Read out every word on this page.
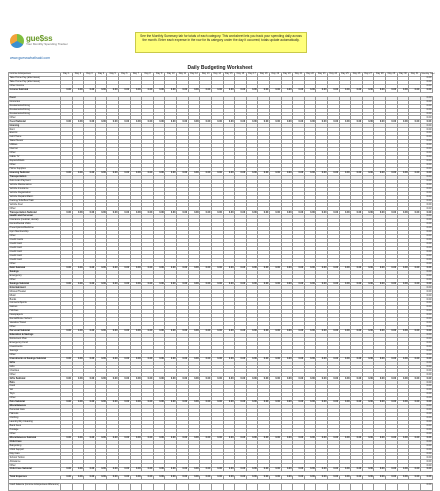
gue$ss
Your Monthly Spending Tracker
www.guesswhatIsaid.com
See the Monthly Summary tab for totals of each category. This worksheet lets you track your spending daily across the month. Enter each expense in the row for its category under the day it occurred; totals update automatically.
Daily Budgeting Worksheet
Income & Expenses	Day 1	Day 2	Day 3	Day 4	Day 5	Day 6	Day 7	Day 8	Day 9	Day 10	Day 11	Day 12	Day 13	Day 14	Day 15	Day 16	Day 17	Day 18	Day 19	Day 20	Day 21	Day 22	Day 23	Day 24	Day 25	Day 26	Day 27	Day 28	Day 29	Day 30	Day 31	Monthly Total
Take Home Pay (after taxes)																																0.00
Take Home Pay (after taxes)																																0.00
Other Income																																0.00
Income Subtotal	0.00	0.00	0.00	0.00	0.00	0.00	0.00	0.00	0.00	0.00	0.00	0.00	0.00	0.00	0.00	0.00	0.00	0.00	0.00	0.00	0.00	0.00	0.00	0.00	0.00	0.00	0.00	0.00	0.00	0.00	0.00	0.00

Food																																0.00
Groceries																																0.00
Restaurants/Dining																																0.00
Restaurants/Dining																																0.00
Restaurants/Dining																																0.00
Other																																0.00
Food Subtotal	0.00	0.00	0.00	0.00	0.00	0.00	0.00	0.00	0.00	0.00	0.00	0.00	0.00	0.00	0.00	0.00	0.00	0.00	0.00	0.00	0.00	0.00	0.00	0.00	0.00	0.00	0.00	0.00	0.00	0.00	0.00	0.00
Housing																																0.00
Rent																																0.00
Electric																																0.00
Cell Phone																																0.00
Water/Sewer																																0.00
Utilities																																0.00
Internet																																0.00
Other																																0.00
Cable TV																																0.00
Repairs/Maint.																																0.00
Other																																0.00
Home Supplies																																0.00
Housing Subtotal	0.00	0.00	0.00	0.00	0.00	0.00	0.00	0.00	0.00	0.00	0.00	0.00	0.00	0.00	0.00	0.00	0.00	0.00	0.00	0.00	0.00	0.00	0.00	0.00	0.00	0.00	0.00	0.00	0.00	0.00	0.00	0.00
Transportation																																0.00
Auto Loan Payment																																0.00
Vehicle Maintenance																																0.00
Vehicle Insurance																																0.00
Vehicle Registration																																0.00
Vehicle Repairs/Maint.																																0.00
Parking/Tolls/Bus/Train																																0.00
Vehicle Fuel																																0.00
Other																																0.00
Transportation Subtotal	0.00	0.00	0.00	0.00	0.00	0.00	0.00	0.00	0.00	0.00	0.00	0.00	0.00	0.00	0.00	0.00	0.00	0.00	0.00	0.00	0.00	0.00	0.00	0.00	0.00	0.00	0.00	0.00	0.00	0.00	0.00	0.00
Health and Personal																																0.00
Insurance (medical, dental)																																0.00
Doctor/Dental Visits																																0.00
Prescriptions/Medicine																																0.00
Gym Membership																																0.00
Other																																0.00
Credit Cards																																0.00
Credit Card																																0.00
Credit Card																																0.00
Credit Card																																0.00
Credit Card																																0.00
Credit Card																																0.00
Other																																0.00
Debt Subtotal	0.00	0.00	0.00	0.00	0.00	0.00	0.00	0.00	0.00	0.00	0.00	0.00	0.00	0.00	0.00	0.00	0.00	0.00	0.00	0.00	0.00	0.00	0.00	0.00	0.00	0.00	0.00	0.00	0.00	0.00	0.00	0.00
Savings																																0.00
Emergency																																0.00
Other																																0.00
Savings Subtotal	0.00	0.00	0.00	0.00	0.00	0.00	0.00	0.00	0.00	0.00	0.00	0.00	0.00	0.00	0.00	0.00	0.00	0.00	0.00	0.00	0.00	0.00	0.00	0.00	0.00	0.00	0.00	0.00	0.00	0.00	0.00	0.00
Entertainment																																0.00
Movies/Theater																																0.00
Music																																0.00
Books																																0.00
Concerts/Sports																																0.00
Games																																0.00
Hobbies																																0.00
Newspapers																																0.00
Rental/Movie Subscr.																																0.00
Vacation/Travel																																0.00
Other																																0.00
Personal Subtotal	0.00	0.00	0.00	0.00	0.00	0.00	0.00	0.00	0.00	0.00	0.00	0.00	0.00	0.00	0.00	0.00	0.00	0.00	0.00	0.00	0.00	0.00	0.00	0.00	0.00	0.00	0.00	0.00	0.00	0.00	0.00	0.00
Education & Savings																																0.00
Retirement Plan																																0.00
Emergency Fund																																0.00
Investments																																0.00
Savings																																0.00
Other																																0.00
Investments & Savings Subtotal	0.00	0.00	0.00	0.00	0.00	0.00	0.00	0.00	0.00	0.00	0.00	0.00	0.00	0.00	0.00	0.00	0.00	0.00	0.00	0.00	0.00	0.00	0.00	0.00	0.00	0.00	0.00	0.00	0.00	0.00	0.00	0.00
Gifts																																0.00
Gifts																																0.00
Charities																																0.00
Other																																0.00
Gifts Subtotal	0.00	0.00	0.00	0.00	0.00	0.00	0.00	0.00	0.00	0.00	0.00	0.00	0.00	0.00	0.00	0.00	0.00	0.00	0.00	0.00	0.00	0.00	0.00	0.00	0.00	0.00	0.00	0.00	0.00	0.00	0.00	0.00
Pets																																0.00
Food																																0.00
Vet																																0.00
Toys																																0.00
Other																																0.00
Pets Subtotal	0.00	0.00	0.00	0.00	0.00	0.00	0.00	0.00	0.00	0.00	0.00	0.00	0.00	0.00	0.00	0.00	0.00	0.00	0.00	0.00	0.00	0.00	0.00	0.00	0.00	0.00	0.00	0.00	0.00	0.00	0.00	0.00
Miscellaneous																																0.00
Personal Care																																0.00
Haircuts																																0.00
Clothing																																0.00
Laundry/Dry Cleaning																																0.00
Bank Fees																																0.00
Postage																																0.00
Other																																0.00
Miscellaneous Subtotal	0.00	0.00	0.00	0.00	0.00	0.00	0.00	0.00	0.00	0.00	0.00	0.00	0.00	0.00	0.00	0.00	0.00	0.00	0.00	0.00	0.00	0.00	0.00	0.00	0.00	0.00	0.00	0.00	0.00	0.00	0.00	0.00
Child Care																																0.00
Babysitting																																0.00
Child Support																																0.00
Day Care																																0.00
School Tuition																																0.00
Allowance																																0.00
Other																																0.00
Child Care Subtotal	0.00	0.00	0.00	0.00	0.00	0.00	0.00	0.00	0.00	0.00	0.00	0.00	0.00	0.00	0.00	0.00	0.00	0.00	0.00	0.00	0.00	0.00	0.00	0.00	0.00	0.00	0.00	0.00	0.00	0.00	0.00	0.00

Total Expenses	0.00	0.00	0.00	0.00	0.00	0.00	0.00	0.00	0.00	0.00	0.00	0.00	0.00	0.00	0.00	0.00	0.00	0.00	0.00	0.00	0.00	0.00	0.00	0.00	0.00	0.00	0.00	0.00	0.00	0.00	0.00	0.00

Cash balance (Income & Expenses difference)																																0.00
